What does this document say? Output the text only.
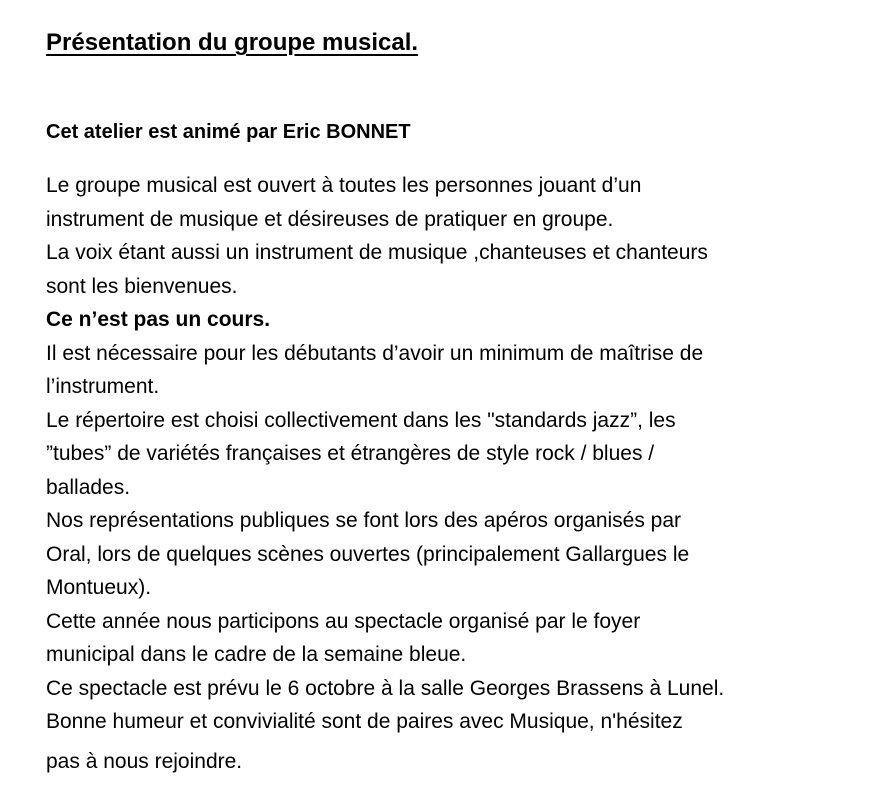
Présentation du groupe musical.
Cet atelier est animé par Eric BONNET
Le groupe musical est ouvert à toutes les personnes jouant d’un
instrument de musique et désireuses de pratiquer en groupe.
La voix étant aussi un instrument de musique ,chanteuses et chanteurs
sont les bienvenues.
Ce n’est pas un cours.
Il est nécessaire pour les débutants d’avoir un minimum de maîtrise de
l’instrument.
Le répertoire est choisi collectivement dans les "standards jazz”, les
”tubes” de variétés françaises et étrangères de style rock / blues /
ballades.
Nos représentations publiques se font lors des apéros organisés par
Oral, lors de quelques scènes ouvertes (principalement Gallargues le
Montueux).
Cette année nous participons au spectacle organisé par le foyer
municipal dans le cadre de la semaine bleue.
Ce spectacle est prévu le 6 octobre à la salle Georges Brassens à Lunel.
Bonne humeur et convivialité sont de paires avec Musique, n'hésitez
pas à nous rejoindre.
